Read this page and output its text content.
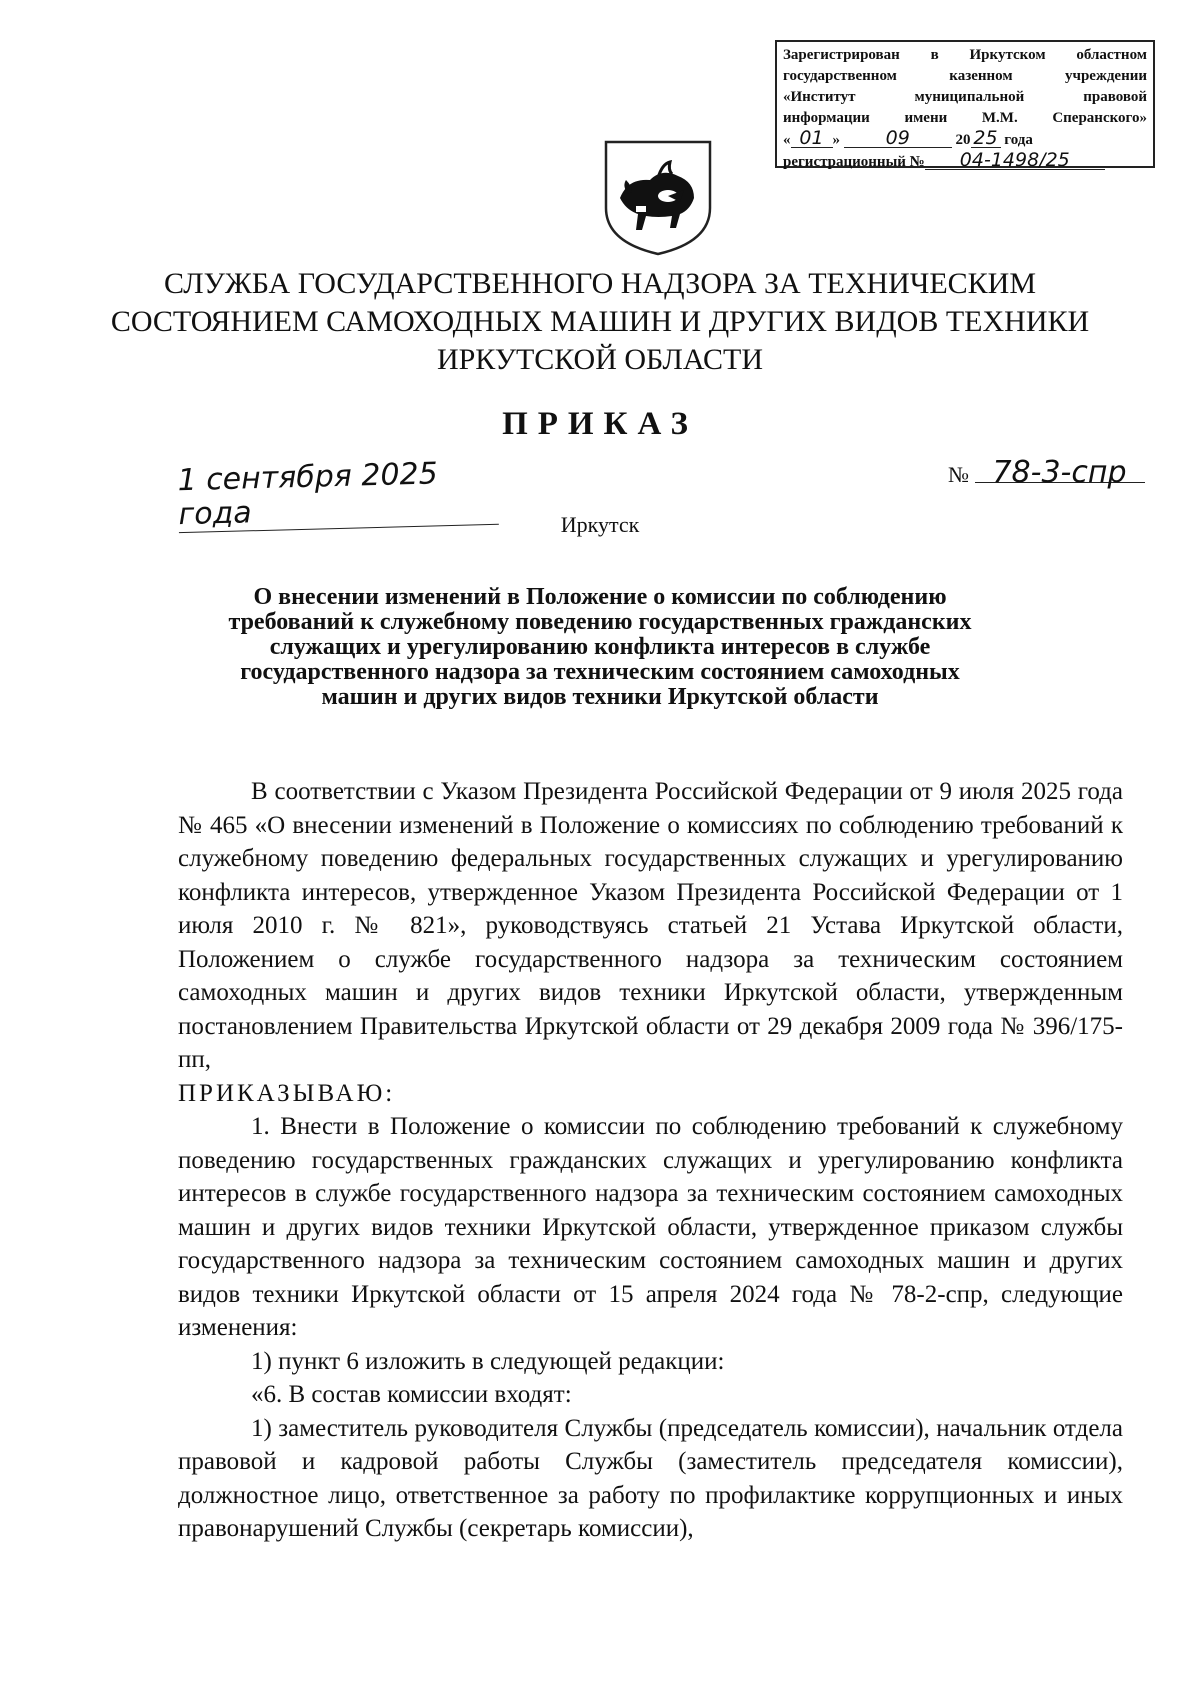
Зарегистрирован в Иркутском областном
государственном казенном учреждении
«Институт муниципальной правовой
информации имени М.М. Сперанского»
« 01 » 09	20 25 года
регистрационный № 04-1498/25
СЛУЖБА ГОСУДАРСТВЕННОГО НАДЗОРА ЗА ТЕХНИЧЕСКИМ
СОСТОЯНИЕМ САМОХОДНЫХ МАШИН И ДРУГИХ ВИДОВ ТЕХНИКИ
ИРКУТСКОЙ ОБЛАСТИ
ПРИКАЗ
1 сентября 2025 года
№ 78-3-спр
Иркутск
О внесении изменений в Положение о комиссии по соблюдению
требований к служебному поведению государственных гражданских
служащих и урегулированию конфликта интересов в службе
государственного надзора за техническим состоянием самоходных
машин и других видов техники Иркутской области

В соответствии с Указом Президента Российской Федерации от 9 июля 2025 года № 465 «О внесении изменений в Положение о комиссиях по соблюдению требований к служебному поведению федеральных государственных служащих и урегулированию конфликта интересов, утвержденное Указом Президента Российской Федерации от 1 июля 2010 г. № 821», руководствуясь статьей 21 Устава Иркутской области, Положением о службе государственного надзора за техническим состоянием самоходных машин и других видов техники Иркутской области, утвержденным постановлением Правительства Иркутской области от 29 декабря 2009 года № 396/175-пп,

ПРИКАЗЫВАЮ:

1. Внести в Положение о комиссии по соблюдению требований к служебному поведению государственных гражданских служащих и урегулированию конфликта интересов в службе государственного надзора за техническим состоянием самоходных машин и других видов техники Иркутской области, утвержденное приказом службы государственного надзора за техническим состоянием самоходных машин и других видов техники Иркутской области от 15 апреля 2024 года № 78-2-спр, следующие изменения:

1) пункт 6 изложить в следующей редакции:

«6. В состав комиссии входят:

1) заместитель руководителя Службы (председатель комиссии), начальник отдела правовой и кадровой работы Службы (заместитель председателя комиссии), должностное лицо, ответственное за работу по профилактике коррупционных и иных правонарушений Службы (секретарь комиссии),
